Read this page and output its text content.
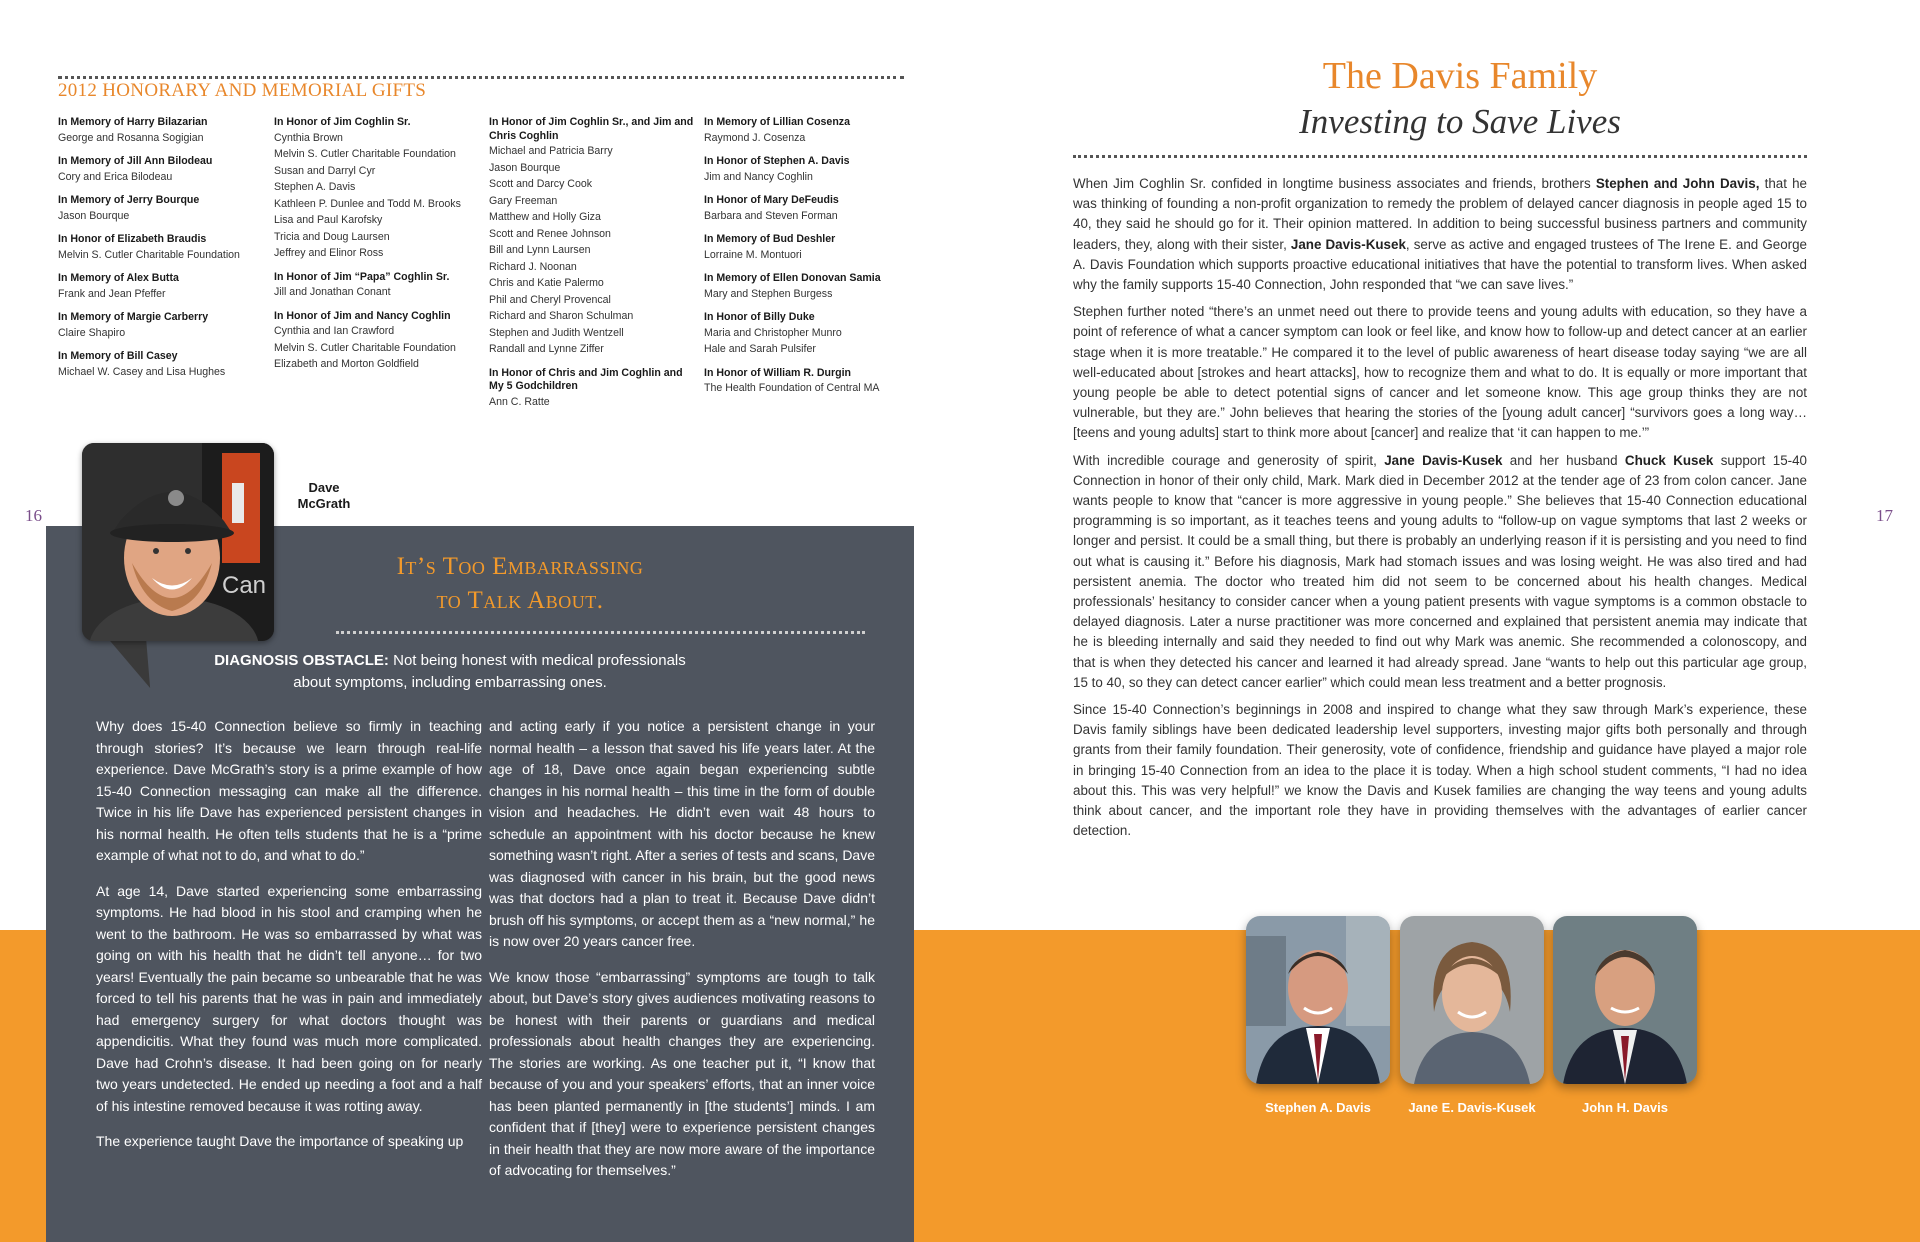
16	17
2012 HONORARY AND MEMORIAL GIFTS
In Memory of Harry Bilazarian
George and Rosanna Sogigian
In Memory of Jill Ann Bilodeau
Cory and Erica Bilodeau
In Memory of Jerry Bourque
Jason Bourque
In Honor of Elizabeth Braudis
Melvin S. Cutler Charitable Foundation
In Memory of Alex Butta
Frank and Jean Pfeffer
In Memory of Margie Carberry
Claire Shapiro
In Memory of Bill Casey
Michael W. Casey and Lisa Hughes
In Honor of Jim Coghlin Sr.
Cynthia Brown
Melvin S. Cutler Charitable Foundation
Susan and Darryl Cyr
Stephen A. Davis
Kathleen P. Dunlee and Todd M. Brooks
Lisa and Paul Karofsky
Tricia and Doug Laursen
Jeffrey and Elinor Ross
In Honor of Jim “Papa” Coghlin Sr.
Jill and Jonathan Conant
In Honor of Jim and Nancy Coghlin
Cynthia and Ian Crawford
Melvin S. Cutler Charitable Foundation
Elizabeth and Morton Goldfield
In Honor of Jim Coghlin Sr., and Jim and Chris Coghlin
Michael and Patricia Barry
Jason Bourque
Scott and Darcy Cook
Gary Freeman
Matthew and Holly Giza
Scott and Renee Johnson
Bill and Lynn Laursen
Richard J. Noonan
Chris and Katie Palermo
Phil and Cheryl Provencal
Richard and Sharon Schulman
Stephen and Judith Wentzell
Randall and Lynne Ziffer
In Honor of Chris and Jim Coghlin and My 5 Godchildren
Ann C. Ratte
In Memory of Lillian Cosenza
Raymond J. Cosenza
In Honor of Stephen A. Davis
Jim and Nancy Coghlin
In Honor of Mary DeFeudis
Barbara and Steven Forman
In Memory of Bud Deshler
Lorraine M. Montuori
In Memory of Ellen Donovan Samia
Mary and Stephen Burgess
In Honor of Billy Duke
Maria and Christopher Munro
Hale and Sarah Pulsifer
In Honor of William R. Durgin
The Health Foundation of Central MA
Can
Dave
McGrath
It’s Too Embarrassing
to Talk About.
DIAGNOSIS OBSTACLE: Not being honest with medical professionals
about symptoms, including embarrassing ones.

Why does 15-40 Connection believe so firmly in teaching through stories? It’s because we learn through real-life experience. Dave McGrath’s story is a prime example of how 15-40 Connection messaging can make all the difference. Twice in his life Dave has experienced persistent changes in his normal health. He often tells students that he is a “prime example of what not to do, and what to do.”

At age 14, Dave started experiencing some embarrassing symptoms. He had blood in his stool and cramping when he went to the bathroom. He was so embarrassed by what was going on with his health that he didn’t tell anyone… for two years! Eventually the pain became so unbearable that he was forced to tell his parents that he was in pain and immediately had emergency surgery for what doctors thought was appendicitis. What they found was much more complicated. Dave had Crohn’s disease. It had been going on for nearly two years undetected. He ended up needing a foot and a half of his intestine removed because it was rotting away.

The experience taught Dave the importance of speaking up

and acting early if you notice a persistent change in your normal health – a lesson that saved his life years later. At the age of 18, Dave once again began experiencing subtle changes in his normal health – this time in the form of double vision and headaches. He didn’t even wait 48 hours to schedule an appointment with his doctor because he knew something wasn’t right. After a series of tests and scans, Dave was diagnosed with cancer in his brain, but the good news was that doctors had a plan to treat it. Because Dave didn’t brush off his symptoms, or accept them as a “new normal,” he is now over 20 years cancer free.

We know those “embarrassing” symptoms are tough to talk about, but Dave’s story gives audiences motivating reasons to be honest with their parents or guardians and medical professionals about health changes they are experiencing. The stories are working. As one teacher put it, “I know that because of you and your speakers’ efforts, that an inner voice has been planted permanently in [the students’] minds. I am confident that if [they] were to experience persistent changes in their health that they are now more aware of the importance of advocating for themselves.”

The Davis Family
Investing to Save Lives

When Jim Coghlin Sr. confided in longtime business associates and friends, brothers Stephen and John Davis, that he was thinking of founding a non-profit organization to remedy the problem of delayed cancer diagnosis in people aged 15 to 40, they said he should go for it. Their opinion mattered. In addition to being successful business partners and community leaders, they, along with their sister, Jane Davis-Kusek, serve as active and engaged trustees of The Irene E. and George A. Davis Foundation which supports proactive educational initiatives that have the potential to transform lives. When asked why the family supports 15-40 Connection, John responded that “we can save lives.”

Stephen further noted “there’s an unmet need out there to provide teens and young adults with education, so they have a point of reference of what a cancer symptom can look or feel like, and know how to follow-up and detect cancer at an earlier stage when it is more treatable.” He compared it to the level of public awareness of heart disease today saying “we are all well-educated about [strokes and heart attacks], how to recognize them and what to do. It is equally or more important that young people be able to detect potential signs of cancer and let someone know. This age group thinks they are not vulnerable, but they are.” John believes that hearing the stories of the [young adult cancer] “survivors goes a long way…[teens and young adults] start to think more about [cancer] and realize that ‘it can happen to me.’”

With incredible courage and generosity of spirit, Jane Davis-Kusek and her husband Chuck Kusek support 15-40 Connection in honor of their only child, Mark. Mark died in December 2012 at the tender age of 23 from colon cancer. Jane wants people to know that “cancer is more aggressive in young people.” She believes that 15-40 Connection educational programming is so important, as it teaches teens and young adults to “follow-up on vague symptoms that last 2 weeks or longer and persist. It could be a small thing, but there is probably an underlying reason if it is persisting and you need to find out what is causing it.” Before his diagnosis, Mark had stomach issues and was losing weight. He was also tired and had persistent anemia. The doctor who treated him did not seem to be concerned about his health changes. Medical professionals’ hesitancy to consider cancer when a young patient presents with vague symptoms is a common obstacle to delayed diagnosis. Later a nurse practitioner was more concerned and explained that persistent anemia may indicate that he is bleeding internally and said they needed to find out why Mark was anemic. She recommended a colonoscopy, and that is when they detected his cancer and learned it had already spread. Jane “wants to help out this particular age group, 15 to 40, so they can detect cancer earlier” which could mean less treatment and a better prognosis.

Since 15-40 Connection’s beginnings in 2008 and inspired to change what they saw through Mark’s experience, these Davis family siblings have been dedicated leadership level supporters, investing major gifts both personally and through grants from their family foundation. Their generosity, vote of confidence, friendship and guidance have played a major role in bringing 15-40 Connection from an idea to the place it is today. When a high school student comments, “I had no idea about this. This was very helpful!” we know the Davis and Kusek families are changing the way teens and young adults think about cancer, and the important role they have in providing themselves with the advantages of earlier cancer detection.

Stephen A. Davis	Jane E. Davis-Kusek	John H. Davis
